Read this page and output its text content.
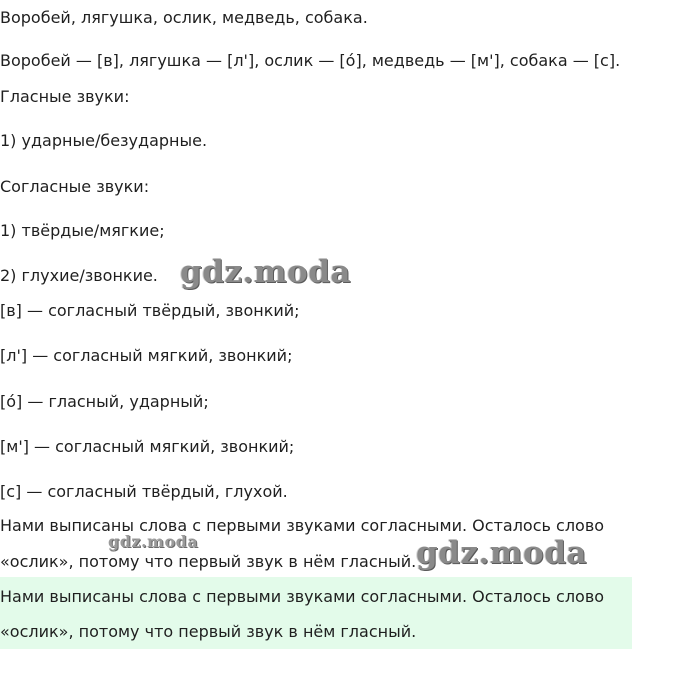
Воробей, лягушка, ослик, медведь, собака.
Воробей — [в], лягушка — [л'], ослик — [о́], медведь — [м'], собака — [с].
Гласные звуки:
1) ударные/безударные.
Согласные звуки:
1) твёрдые/мягкие;
2) глухие/звонкие.
[в] — согласный твёрдый, звонкий;
[л'] — согласный мягкий, звонкий;
[о́] — гласный, ударный;
[м'] — согласный мягкий, звонкий;
[с] — согласный твёрдый, глухой.
Нами выписаны слова с первыми звуками согласными. Осталось слово
«ослик», потому что первый звук в нём гласный.
Нами выписаны слова с первыми звуками согласными. Осталось слово
«ослик», потому что первый звук в нём гласный.
gdz.moda
gdz.moda	gdz.moda
